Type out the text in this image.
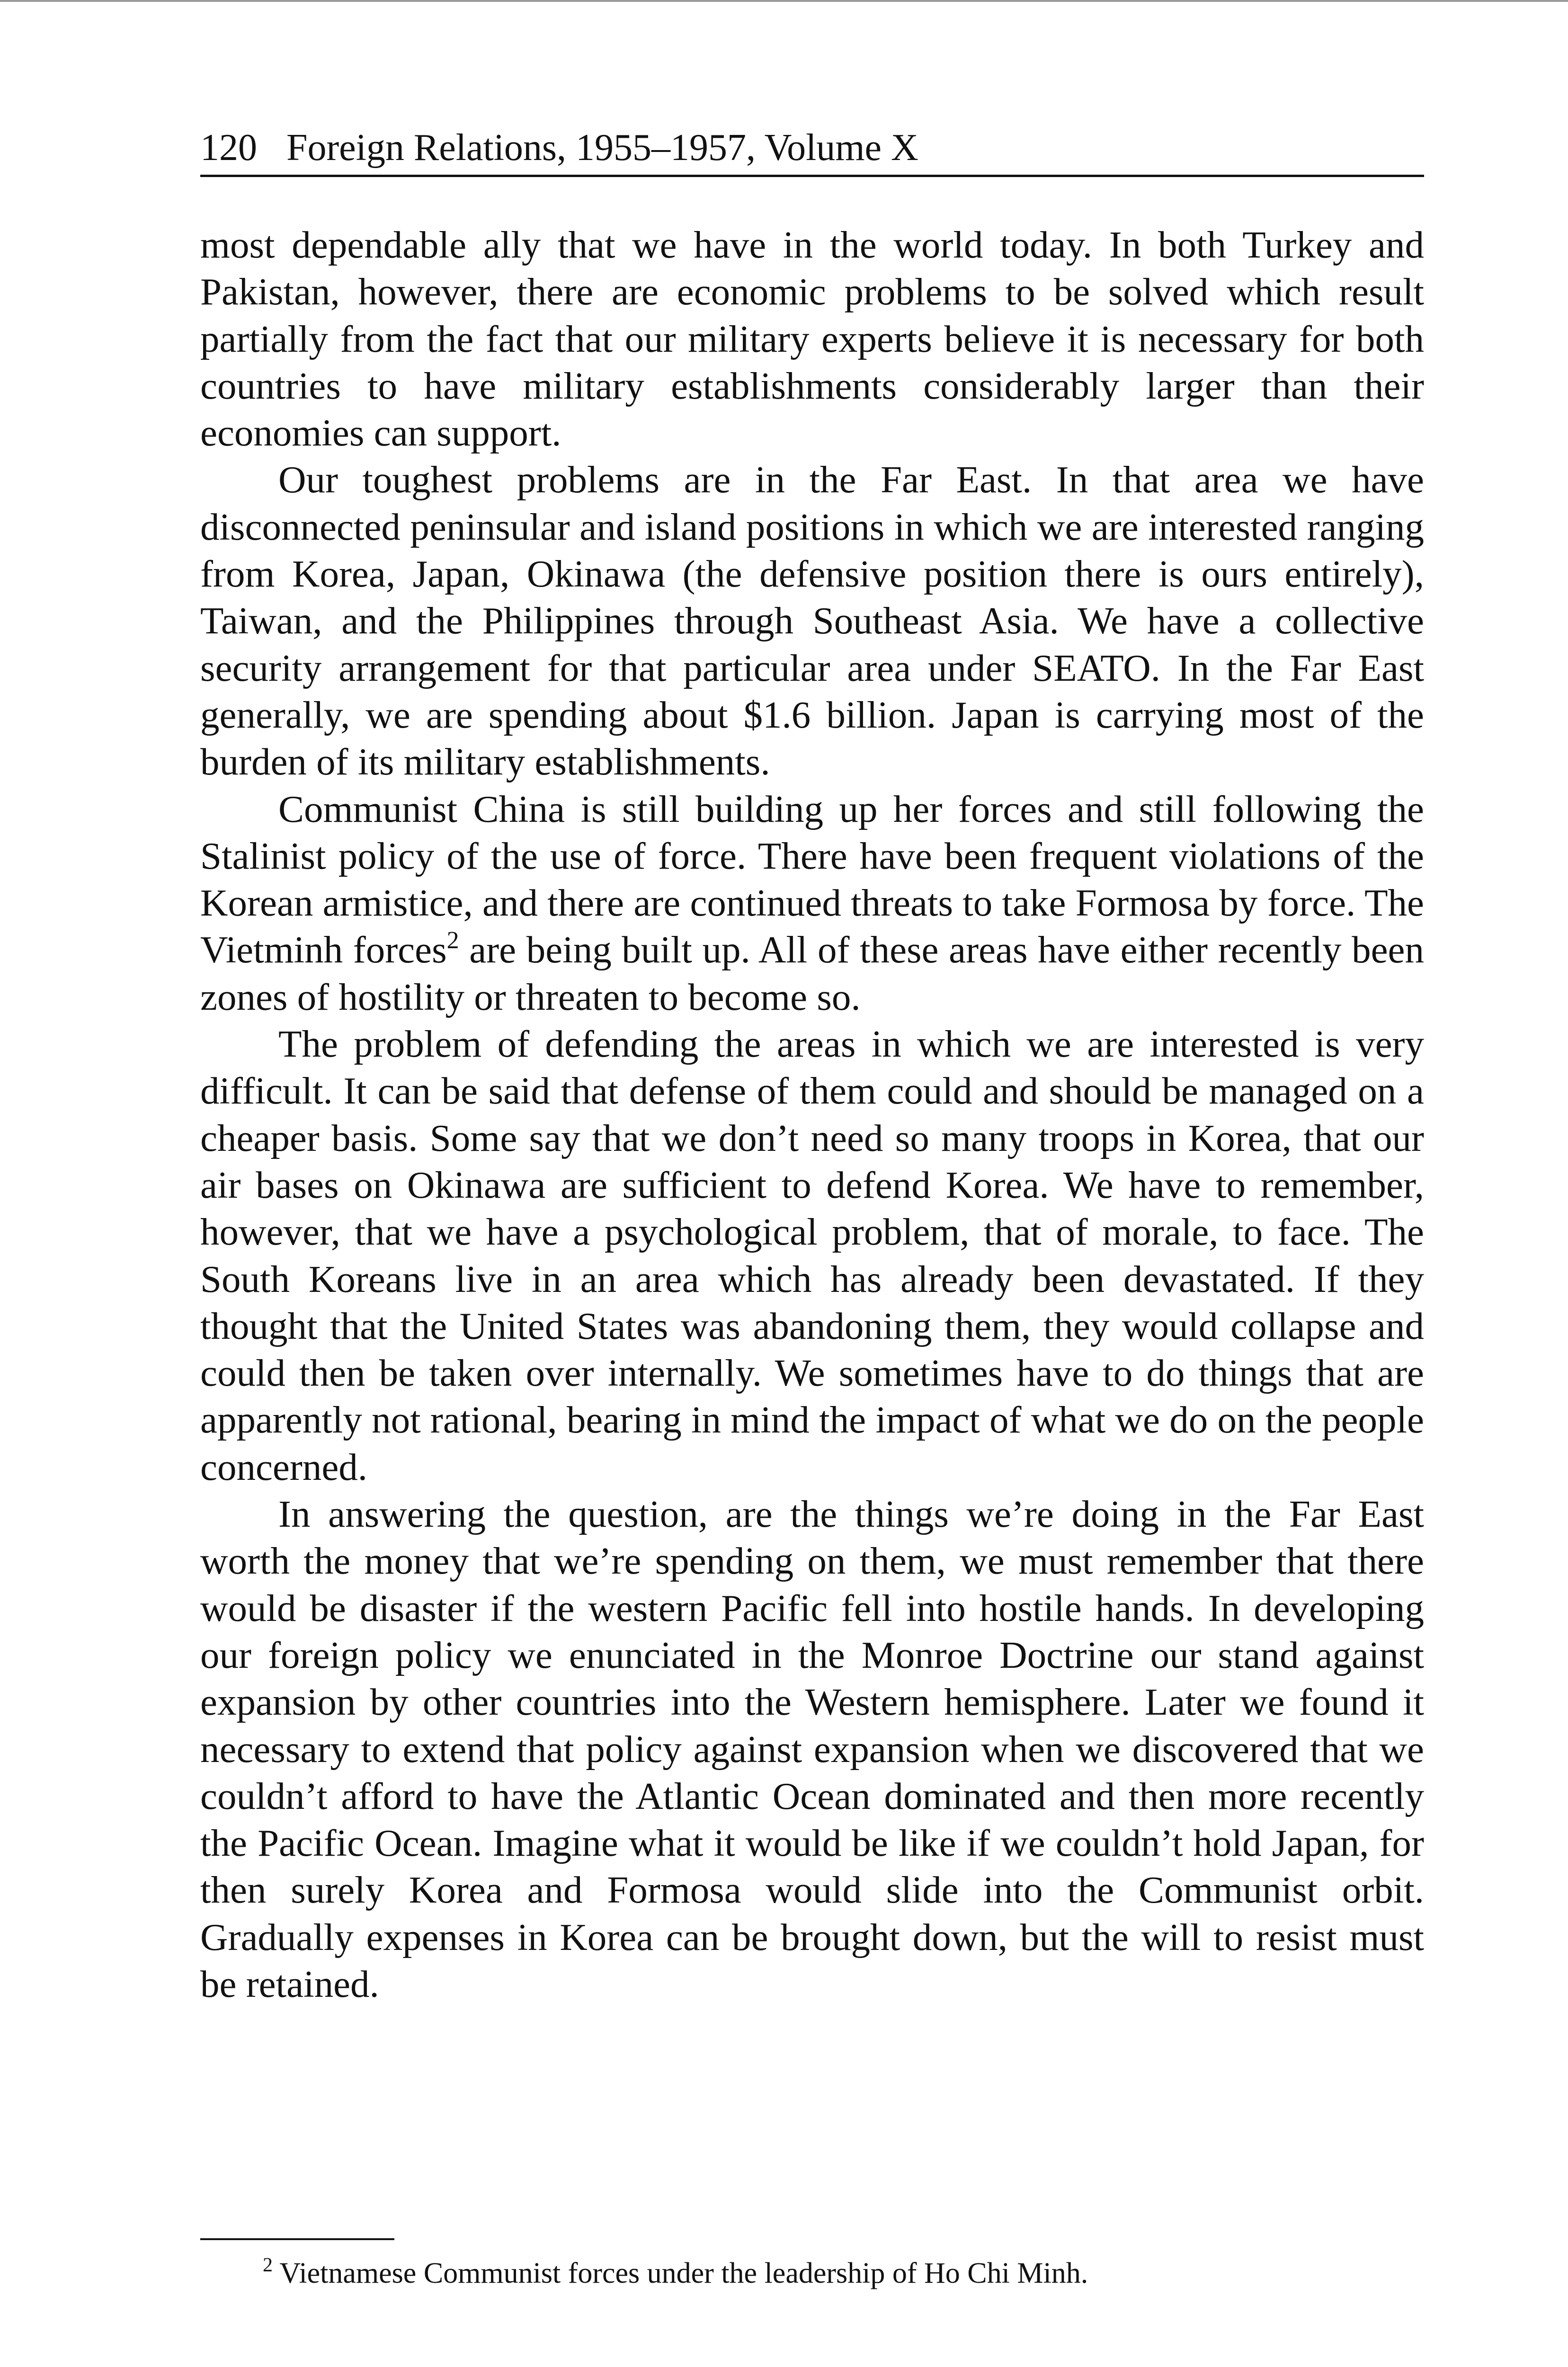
120 Foreign Relations, 1955–1957, Volume X

most dependable ally that we have in the world today. In both Turkey and Pakistan, however, there are economic problems to be solved which result partially from the fact that our military experts believe it is necessary for both countries to have military establishments considerably larger than their economies can support.

Our toughest problems are in the Far East. In that area we have disconnected peninsular and island positions in which we are interested ranging from Korea, Japan, Okinawa (the defensive position there is ours entirely), Taiwan, and the Philippines through Southeast Asia. We have a collective security arrangement for that particular area under SEATO. In the Far East generally, we are spending about $1.6 billion. Japan is carrying most of the burden of its military establishments.

Communist China is still building up her forces and still following the Stalinist policy of the use of force. There have been frequent violations of the Korean armistice, and there are continued threats to take Formosa by force. The Vietminh forces$^2$ are being built up. All of these areas have either recently been zones of hostility or threaten to become so.

The problem of defending the areas in which we are interested is very difficult. It can be said that defense of them could and should be managed on a cheaper basis. Some say that we don’t need so many troops in Korea, that our air bases on Okinawa are sufficient to defend Korea. We have to remember, however, that we have a psychological problem, that of morale, to face. The South Koreans live in an area which has already been devastated. If they thought that the United States was abandoning them, they would collapse and could then be taken over internally. We sometimes have to do things that are apparently not rational, bearing in mind the impact of what we do on the people concerned.

In answering the question, are the things we’re doing in the Far East worth the money that we’re spending on them, we must remember that there would be disaster if the western Pacific fell into hostile hands. In developing our foreign policy we enunciated in the Monroe Doctrine our stand against expansion by other countries into the Western hemisphere. Later we found it necessary to extend that policy against expansion when we discovered that we couldn’t afford to have the Atlantic Ocean dominated and then more recently the Pacific Ocean. Imagine what it would be like if we couldn’t hold Japan, for then surely Korea and Formosa would slide into the Communist orbit. Gradually expenses in Korea can be brought down, but the will to resist must be retained.

$^2$ Vietnamese Communist forces under the leadership of Ho Chi Minh.
